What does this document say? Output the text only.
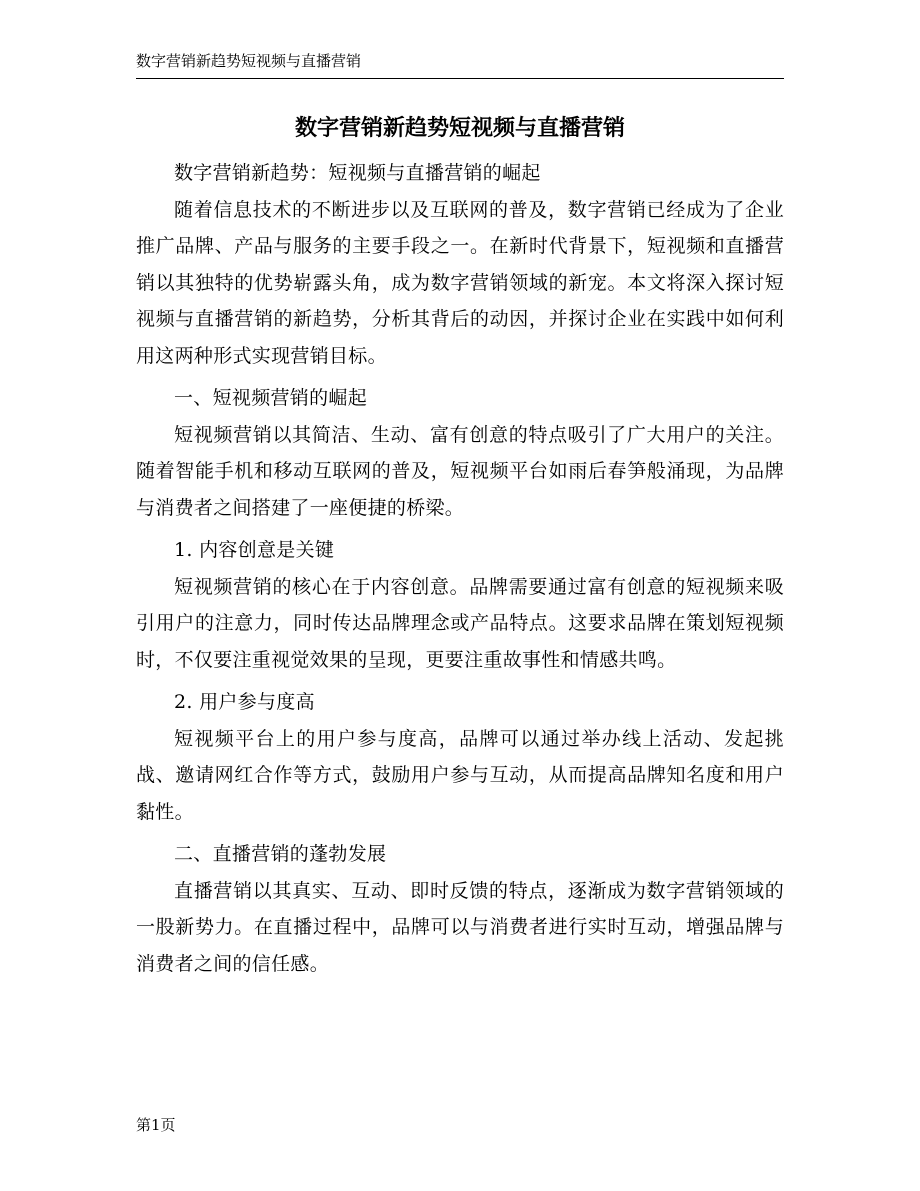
数字营销新趋势短视频与直播营销
数字营销新趋势短视频与直播营销

数字营销新趋势：短视频与直播营销的崛起

随着信息技术的不断进步以及互联网的普及，数字营销已经成为了企业推广品牌、产品与服务的主要手段之一。在新时代背景下，短视频和直播营销以其独特的优势崭露头角，成为数字营销领域的新宠。本文将深入探讨短视频与直播营销的新趋势，分析其背后的动因，并探讨企业在实践中如何利用这两种形式实现营销目标。

一、短视频营销的崛起

短视频营销以其简洁、生动、富有创意的特点吸引了广大用户的关注。随着智能手机和移动互联网的普及，短视频平台如雨后春笋般涌现，为品牌与消费者之间搭建了一座便捷的桥梁。

1. 内容创意是关键

短视频营销的核心在于内容创意。品牌需要通过富有创意的短视频来吸引用户的注意力，同时传达品牌理念或产品特点。这要求品牌在策划短视频时，不仅要注重视觉效果的呈现，更要注重故事性和情感共鸣。

2. 用户参与度高

短视频平台上的用户参与度高，品牌可以通过举办线上活动、发起挑战、邀请网红合作等方式，鼓励用户参与互动，从而提高品牌知名度和用户黏性。

二、直播营销的蓬勃发展

直播营销以其真实、互动、即时反馈的特点，逐渐成为数字营销领域的一股新势力。在直播过程中，品牌可以与消费者进行实时互动，增强品牌与消费者之间的信任感。

第1页
